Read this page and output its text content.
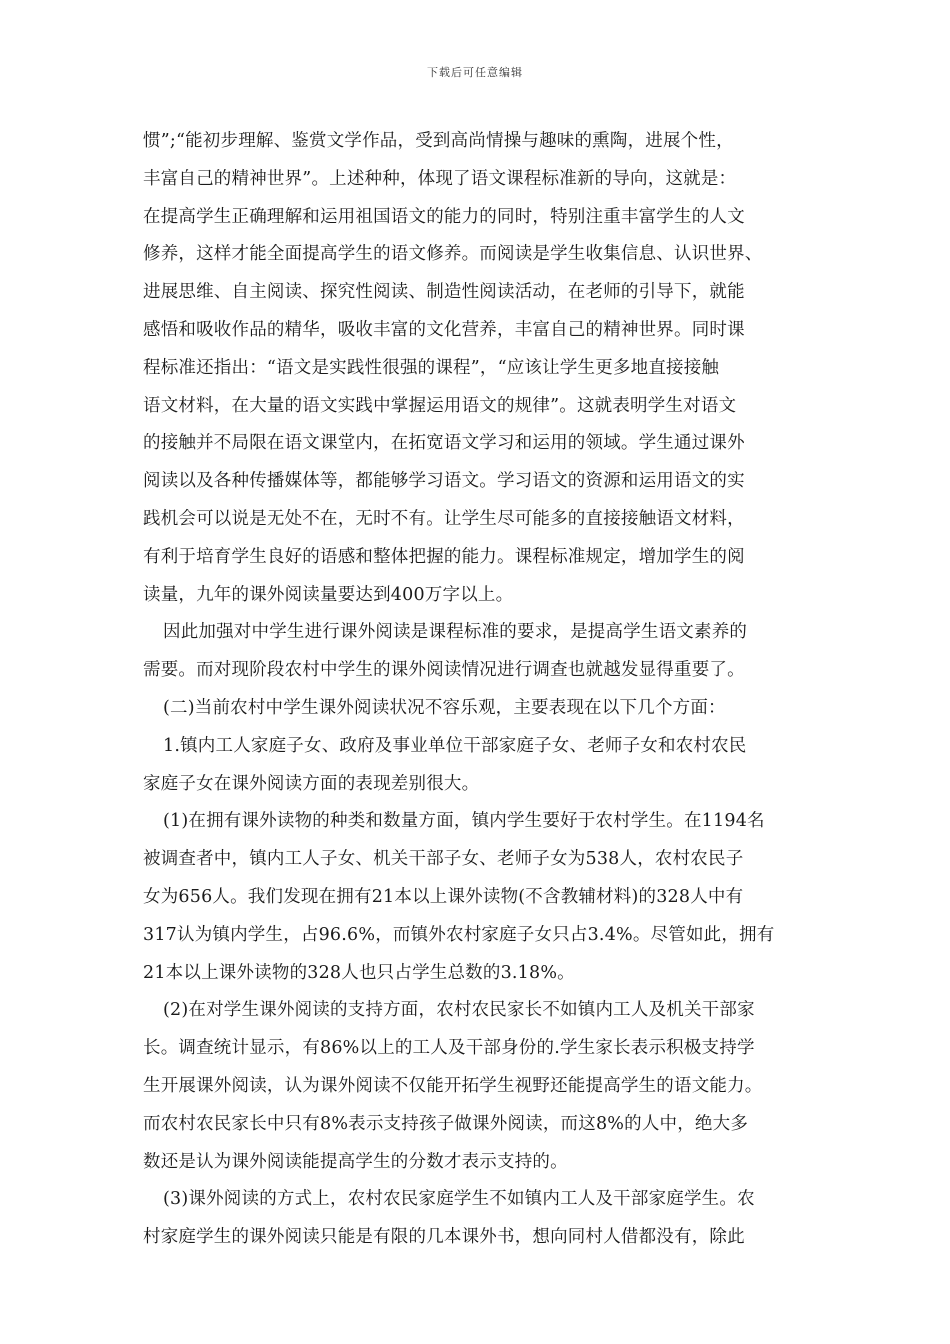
下载后可任意编辑
惯”;“能初步理解、鉴赏文学作品，受到高尚情操与趣味的熏陶，进展个性，
丰富自己的精神世界”。上述种种，体现了语文课程标准新的导向，这就是：
在提高学生正确理解和运用祖国语文的能力的同时，特别注重丰富学生的人文
修养，这样才能全面提高学生的语文修养。而阅读是学生收集信息、认识世界、
进展思维、自主阅读、探究性阅读、制造性阅读活动，在老师的引导下，就能
感悟和吸收作品的精华，吸收丰富的文化营养，丰富自己的精神世界。同时课
程标准还指出：“语文是实践性很强的课程”，“应该让学生更多地直接接触
语文材料，在大量的语文实践中掌握运用语文的规律”。这就表明学生对语文
的接触并不局限在语文课堂内，在拓宽语文学习和运用的领域。学生通过课外
阅读以及各种传播媒体等，都能够学习语文。学习语文的资源和运用语文的实
践机会可以说是无处不在，无时不有。让学生尽可能多的直接接触语文材料，
有利于培育学生良好的语感和整体把握的能力。课程标准规定，增加学生的阅
读量，九年的课外阅读量要达到400万字以上。
因此加强对中学生进行课外阅读是课程标准的要求，是提高学生语文素养的
需要。而对现阶段农村中学生的课外阅读情况进行调查也就越发显得重要了。
(二)当前农村中学生课外阅读状况不容乐观，主要表现在以下几个方面：
1.镇内工人家庭子女、政府及事业单位干部家庭子女、老师子女和农村农民
家庭子女在课外阅读方面的表现差别很大。
(1)在拥有课外读物的种类和数量方面，镇内学生要好于农村学生。在1194名
被调查者中，镇内工人子女、机关干部子女、老师子女为538人，农村农民子
女为656人。我们发现在拥有21本以上课外读物(不含教辅材料)的328人中有
317认为镇内学生，占96.6%，而镇外农村家庭子女只占3.4%。尽管如此，拥有
21本以上课外读物的328人也只占学生总数的3.18%。
(2)在对学生课外阅读的支持方面，农村农民家长不如镇内工人及机关干部家
长。调查统计显示，有86%以上的工人及干部身份的.学生家长表示积极支持学
生开展课外阅读，认为课外阅读不仅能开拓学生视野还能提高学生的语文能力。
而农村农民家长中只有8%表示支持孩子做课外阅读，而这8%的人中，绝大多
数还是认为课外阅读能提高学生的分数才表示支持的。
(3)课外阅读的方式上，农村农民家庭学生不如镇内工人及干部家庭学生。农
村家庭学生的课外阅读只能是有限的几本课外书，想向同村人借都没有，除此
